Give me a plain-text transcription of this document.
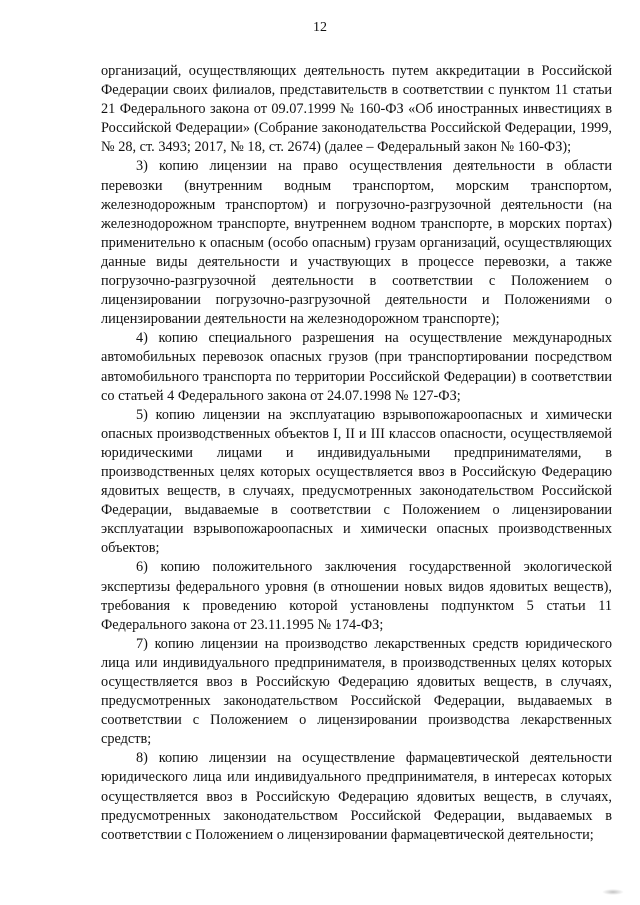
12

организаций, осуществляющих деятельность путем аккредитации в Российской Федерации своих филиалов, представительств в соответствии с пунктом 11 статьи 21 Федерального закона от 09.07.1999 № 160-ФЗ «Об иностранных инвестициях в Российской Федерации» (Собрание законодательства Российской Федерации, 1999, № 28, ст. 3493; 2017, № 18, ст. 2674) (далее – Федеральный закон № 160-ФЗ);

3) копию лицензии на право осуществления деятельности в области перевозки (внутренним водным транспортом, морским транспортом, железнодорожным транспортом) и погрузочно-разгрузочной деятельности (на железнодорожном транспорте, внутреннем водном транспорте, в морских портах) применительно к опасным (особо опасным) грузам организаций, осуществляющих данные виды деятельности и участвующих в процессе перевозки, а также погрузочно-разгрузочной деятельности в соответствии с Положением о лицензировании погрузочно-разгрузочной деятельности и Положениями о лицензировании деятельности на железнодорожном транспорте);

4) копию специального разрешения на осуществление международных автомобильных перевозок опасных грузов (при транспортировании посредством автомобильного транспорта по территории Российской Федерации) в соответствии со статьей 4 Федерального закона от 24.07.1998 № 127-ФЗ;

5) копию лицензии на эксплуатацию взрывопожароопасных и химически опасных производственных объектов I, II и III классов опасности, осуществляемой юридическими лицами и индивидуальными предпринимателями, в производственных целях которых осуществляется ввоз в Российскую Федерацию ядовитых веществ, в случаях, предусмотренных законодательством Российской Федерации, выдаваемые в соответствии с Положением о лицензировании эксплуатации взрывопожароопасных и химически опасных производственных объектов;

6) копию положительного заключения государственной экологической экспертизы федерального уровня (в отношении новых видов ядовитых веществ), требования к проведению которой установлены подпунктом 5 статьи 11 Федерального закона от 23.11.1995 № 174-ФЗ;

7) копию лицензии на производство лекарственных средств юридического лица или индивидуального предпринимателя, в производственных целях которых осуществляется ввоз в Российскую Федерацию ядовитых веществ, в случаях, предусмотренных законодательством Российской Федерации, выдаваемых в соответствии с Положением о лицензировании производства лекарственных средств;

8) копию лицензии на осуществление фармацевтической деятельности юридического лица или индивидуального предпринимателя, в интересах которых осуществляется ввоз в Российскую Федерацию ядовитых веществ, в случаях, предусмотренных законодательством Российской Федерации, выдаваемых в соответствии с Положением о лицензировании фармацевтической деятельности;
